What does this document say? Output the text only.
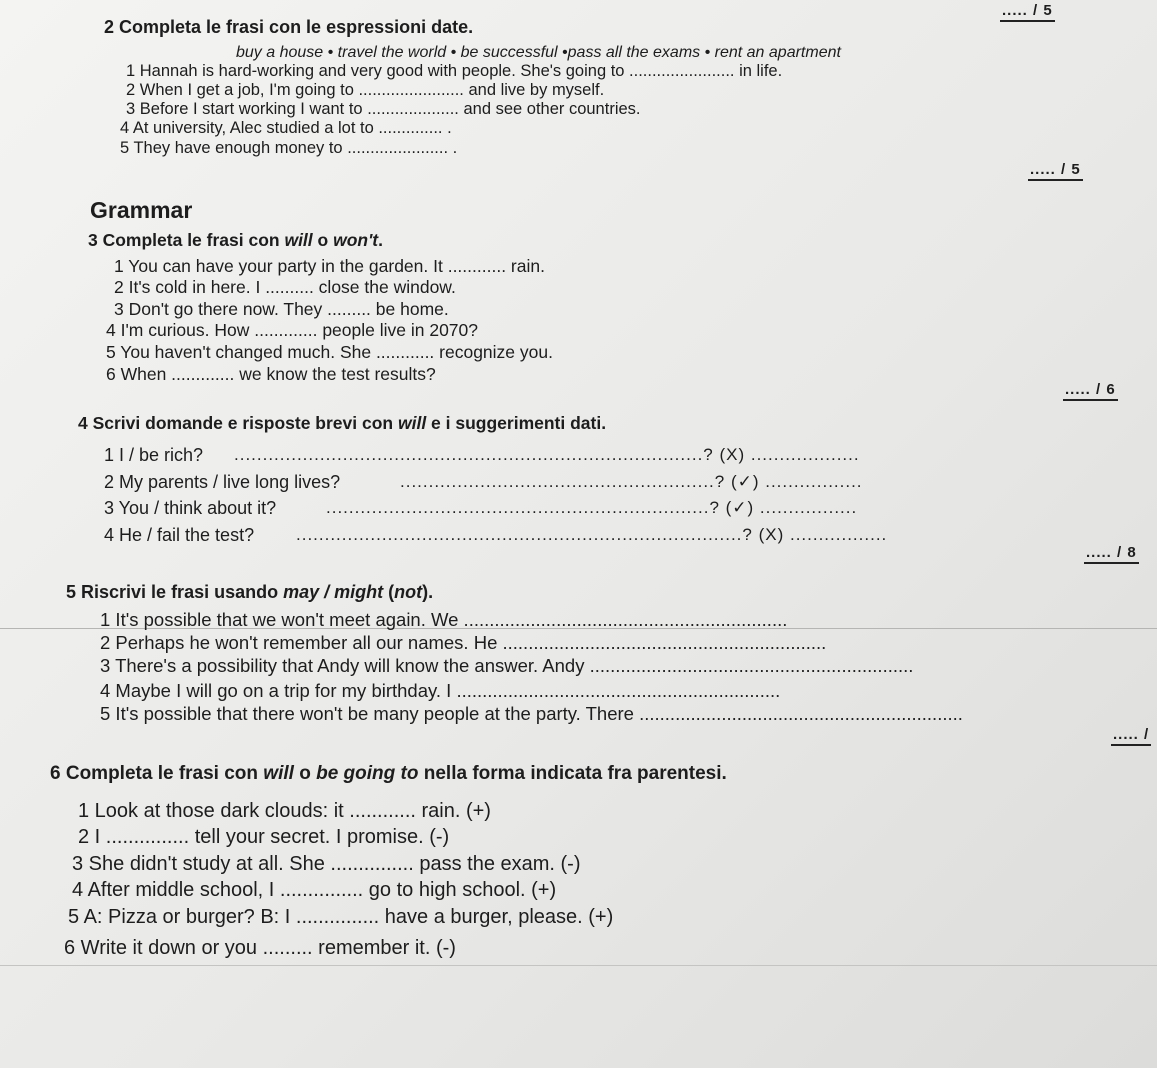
..... / 5
2 Completa le frasi con le espressioni date.
buy a house • travel the world • be successful •pass all the exams • rent an apartment
1 Hannah is hard-working and very good with people. She's going to ....................... in life.
2 When I get a job, I'm going to ....................... and live by myself.
3 Before I start working I want to .................... and see other countries.
4 At university, Alec studied a lot to .............. .
5 They have enough money to ...................... .
..... / 5
Grammar
3 Completa le frasi con will o won't.
1 You can have your party in the garden. It ............ rain.
2 It's cold in here. I .......... close the window.
3 Don't go there now. They ......... be home.
4 I'm curious. How ............. people live in 2070?
5 You haven't changed much. She ............ recognize you.
6 When ............. we know the test results?
..... / 6
4 Scrivi domande e risposte brevi con will e i suggerimenti dati.
1 I / be rich? ..................................................................................? (X) ...................
2 My parents / live long lives?	.......................................................? (✓) .................
3 You / think about it?	...................................................................? (✓) .................
4 He / fail the test? ..............................................................................? (X) .................
..... / 8
5 Riscrivi le frasi usando may / might (not).
1 It's possible that we won't meet again. We ...............................................................
2 Perhaps he won't remember all our names. He ...............................................................
3 There's a possibility that Andy will know the answer. Andy ...............................................................
4 Maybe I will go on a trip for my birthday. I ...............................................................
5 It's possible that there won't be many people at the party. There ...............................................................
..... /
6 Completa le frasi con will o be going to nella forma indicata fra parentesi.
1 Look at those dark clouds: it ............ rain. (+)
2 I ............... tell your secret. I promise. (-)
3 She didn't study at all. She ............... pass the exam. (-)
4 After middle school, I ............... go to high school. (+)
5 A: Pizza or burger? B: I ............... have a burger, please. (+)
6 Write it down or you ......... remember it. (-)
